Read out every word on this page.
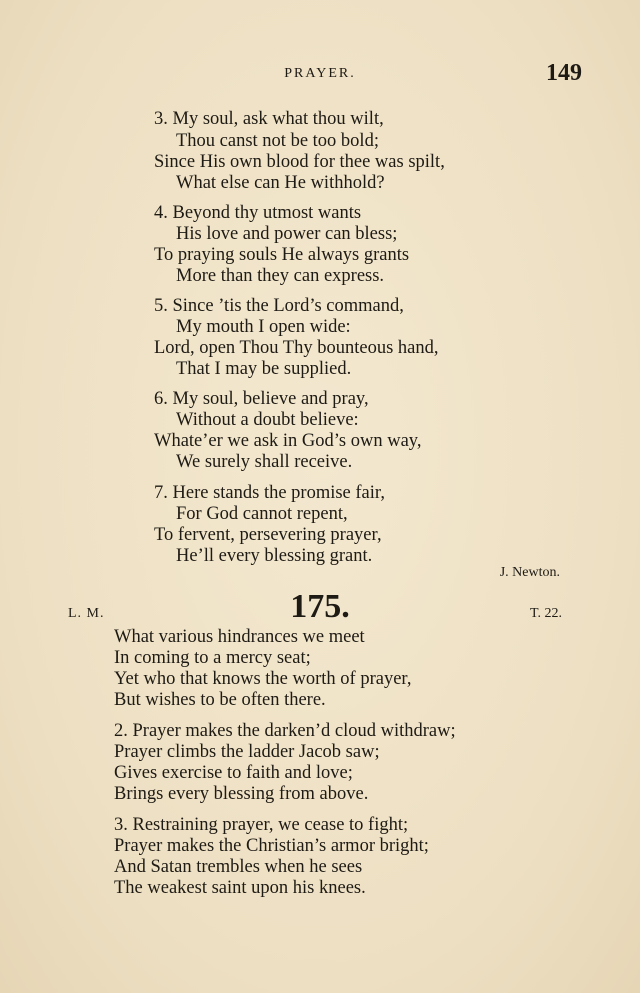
PRAYER.	149
3. My soul, ask what thou wilt,
Thou canst not be too bold;
Since His own blood for thee was spilt,
What else can He withhold?
4. Beyond thy utmost wants
His love and power can bless;
To praying souls He always grants
More than they can express.
5. Since ’tis the Lord’s command,
My mouth I open wide:
Lord, open Thou Thy bounteous hand,
That I may be supplied.
6. My soul, believe and pray,
Without a doubt believe:
Whate’er we ask in God’s own way,
We surely shall receive.
7. Here stands the promise fair,
For God cannot repent,
To fervent, persevering prayer,
He’ll every blessing grant.
J. Newton.
L. M.	175.	T. 22.
What various hindrances we meet
In coming to a mercy seat;
Yet who that knows the worth of prayer,
But wishes to be often there.
2. Prayer makes the darken’d cloud withdraw;
Prayer climbs the ladder Jacob saw;
Gives exercise to faith and love;
Brings every blessing from above.
3. Restraining prayer, we cease to fight;
Prayer makes the Christian’s armor bright;
And Satan trembles when he sees
The weakest saint upon his knees.
